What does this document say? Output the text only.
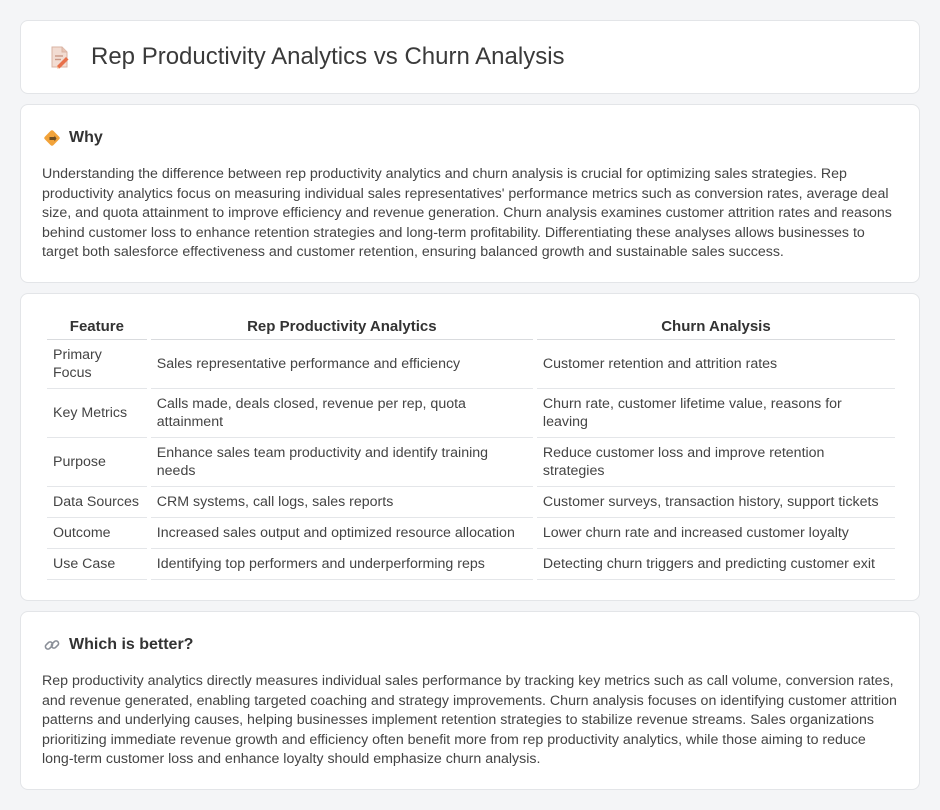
Rep Productivity Analytics vs Churn Analysis
Why

Understanding the difference between rep productivity analytics and churn analysis is crucial for optimizing sales strategies. Rep productivity analytics focus on measuring individual sales representatives' performance metrics such as conversion rates, average deal size, and quota attainment to improve efficiency and revenue generation. Churn analysis examines customer attrition rates and reasons behind customer loss to enhance retention strategies and long-term profitability. Differentiating these analyses allows businesses to target both salesforce effectiveness and customer retention, ensuring balanced growth and sustainable sales success.

Feature	Rep Productivity Analytics	Churn Analysis
Primary Focus	Sales representative performance and efficiency	Customer retention and attrition rates
Key Metrics	Calls made, deals closed, revenue per rep, quota attainment	Churn rate, customer lifetime value, reasons for leaving
Purpose	Enhance sales team productivity and identify training needs	Reduce customer loss and improve retention strategies
Data Sources	CRM systems, call logs, sales reports	Customer surveys, transaction history, support tickets
Outcome	Increased sales output and optimized resource allocation	Lower churn rate and increased customer loyalty
Use Case	Identifying top performers and underperforming reps	Detecting churn triggers and predicting customer exit
Which is better?

Rep productivity analytics directly measures individual sales performance by tracking key metrics such as call volume, conversion rates, and revenue generated, enabling targeted coaching and strategy improvements. Churn analysis focuses on identifying customer attrition patterns and underlying causes, helping businesses implement retention strategies to stabilize revenue streams. Sales organizations prioritizing immediate revenue growth and efficiency often benefit more from rep productivity analytics, while those aiming to reduce long-term customer loss and enhance loyalty should emphasize churn analysis.
